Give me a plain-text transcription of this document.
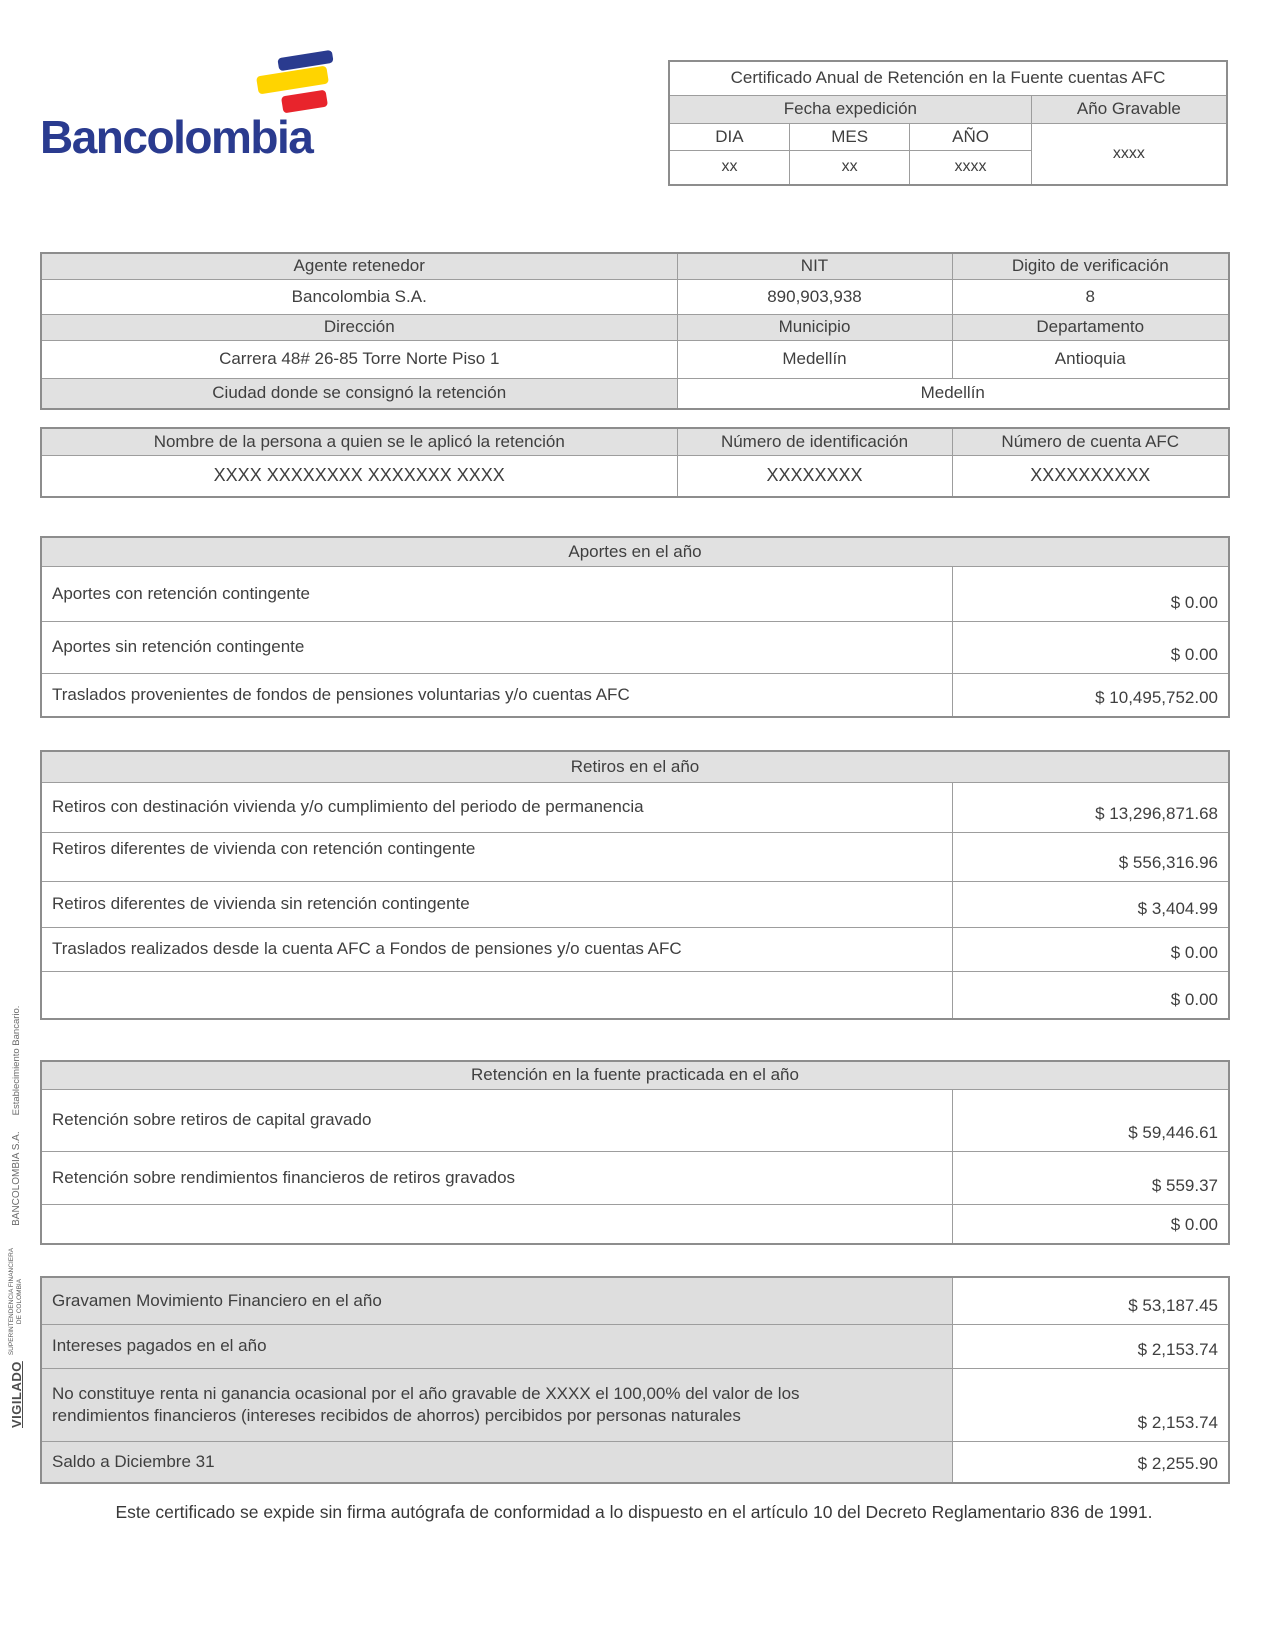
Bancolombia
Certificado Anual de Retención en la Fuente cuentas AFC			
Fecha expedición			Año Gravable
DIA	MES	AÑO	xxxx
xx	xx	xxxx	
Agente retenedor	NIT	Digito de verificación
Bancolombia S.A.	890,903,938	8
Dirección	Municipio	Departamento
Carrera 48# 26-85 Torre Norte Piso 1	Medellín	Antioquia
Ciudad donde se consignó la retención	Medellín	
Nombre de la persona a quien se le aplicó la retención	Número de identificación	Número de cuenta AFC
XXXX XXXXXXXX XXXXXXX XXXX	XXXXXXXX	XXXXXXXXXX
Aportes en el año	
Aportes con retención contingente	$ 0.00
Aportes sin retención contingente	$ 0.00
Traslados provenientes de fondos de pensiones voluntarias y/o cuentas AFC	$ 10,495,752.00
Retiros en el año	
Retiros con destinación vivienda y/o cumplimiento del periodo de permanencia	$ 13,296,871.68
Retiros diferentes de vivienda con retención contingente	$ 556,316.96
Retiros diferentes de vivienda sin retención contingente	$ 3,404.99
Traslados realizados desde la cuenta AFC a Fondos de pensiones y/o cuentas AFC	$ 0.00
	$ 0.00
Retención en la fuente practicada en el año	
Retención sobre retiros de capital gravado	$ 59,446.61
Retención sobre rendimientos financieros de retiros gravados	$ 559.37
	$ 0.00
Gravamen Movimiento Financiero en el año	$ 53,187.45
Intereses pagados en el año	$ 2,153.74
No constituye renta ni ganancia ocasional por el año gravable de XXXX el 100,00% del valor de los rendimientos financieros (intereses recibidos de ahorros) percibidos por personas naturales	$ 2,153.74
Saldo a Diciembre 31	$ 2,255.90
VIGILADO
SUPERINTENDENCIA FINANCIERA DE COLOMBIA
BANCOLOMBIA S.A.
Establecimiento Bancario.
Este certificado se expide sin firma autógrafa de conformidad a lo dispuesto en el artículo 10 del Decreto Reglamentario 836 de 1991.
